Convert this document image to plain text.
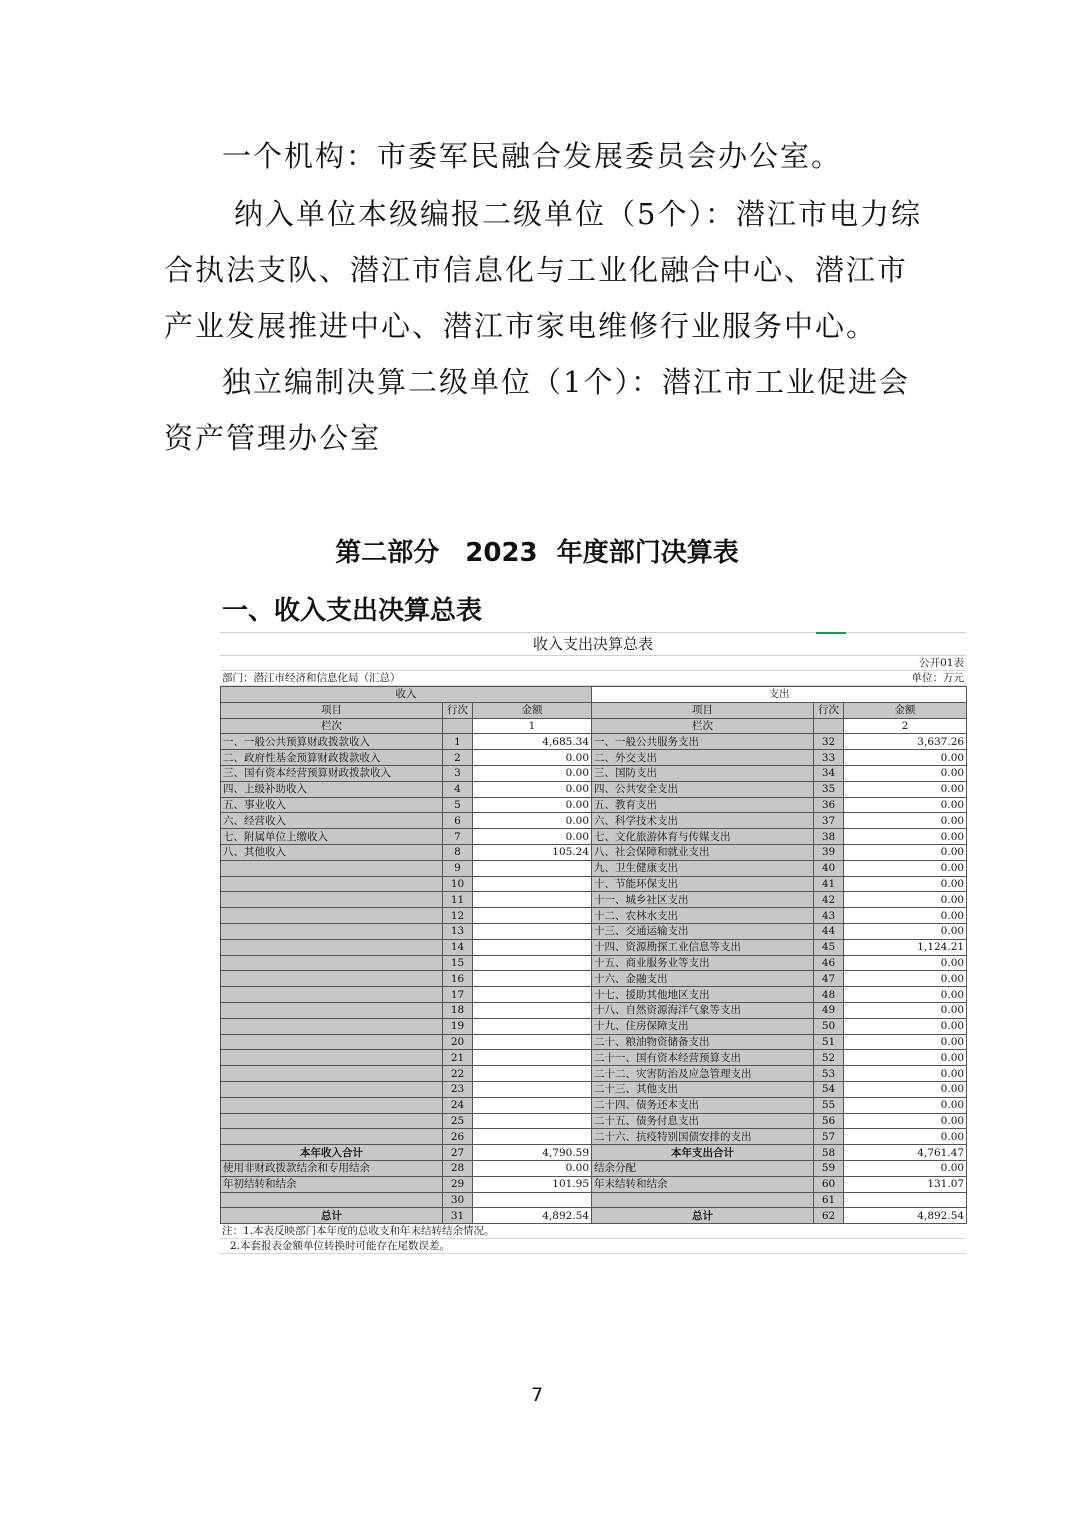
一个机构：市委军民融合发展委员会办公室。

纳入单位本级编报二级单位（5个）：潜江市电力综合执法支队、潜江市信息化与工业化融合中心、潜江市产业发展推进中心、潜江市家电维修行业服务中心。

独立编制决算二级单位（1个）：潜江市工业促进会资产管理办公室

第二部分　2023 年度部门决算表
一、收入支出决算总表
收入支出决算总表
公开01表
部门：潜江市经济和信息化局（汇总）	单位：万元
收入			支出		
项目	行次	金额	项目	行次	金额
栏次		1	栏次		2
一、一般公共预算财政拨款收入	1	4,685.34	一、一般公共服务支出	32	3,637.26
二、政府性基金预算财政拨款收入	2	0.00	二、外交支出	33	0.00
三、国有资本经营预算财政拨款收入	3	0.00	三、国防支出	34	0.00
四、上级补助收入	4	0.00	四、公共安全支出	35	0.00
五、事业收入	5	0.00	五、教育支出	36	0.00
六、经营收入	6	0.00	六、科学技术支出	37	0.00
七、附属单位上缴收入	7	0.00	七、文化旅游体育与传媒支出	38	0.00
八、其他收入	8	105.24	八、社会保障和就业支出	39	0.00
	9		九、卫生健康支出	40	0.00
	10		十、节能环保支出	41	0.00
	11		十一、城乡社区支出	42	0.00
	12		十二、农林水支出	43	0.00
	13		十三、交通运输支出	44	0.00
	14		十四、资源勘探工业信息等支出	45	1,124.21
	15		十五、商业服务业等支出	46	0.00
	16		十六、金融支出	47	0.00
	17		十七、援助其他地区支出	48	0.00
	18		十八、自然资源海洋气象等支出	49	0.00
	19		十九、住房保障支出	50	0.00
	20		二十、粮油物资储备支出	51	0.00
	21		二十一、国有资本经营预算支出	52	0.00
	22		二十二、灾害防治及应急管理支出	53	0.00
	23		二十三、其他支出	54	0.00
	24		二十四、债务还本支出	55	0.00
	25		二十五、债务付息支出	56	0.00
	26		二十六、抗疫特别国债安排的支出	57	0.00
本年收入合计	27	4,790.59	本年支出合计	58	4,761.47
使用非财政拨款结余和专用结余	28	0.00	结余分配	59	0.00
年初结转和结余	29	101.95	年末结转和结余	60	131.07
	30			61	
总计	31	4,892.54	总计	62	4,892.54
注：1.本表反映部门本年度的总收支和年末结转结余情况。
2.本套报表金额单位转换时可能存在尾数误差。
7
